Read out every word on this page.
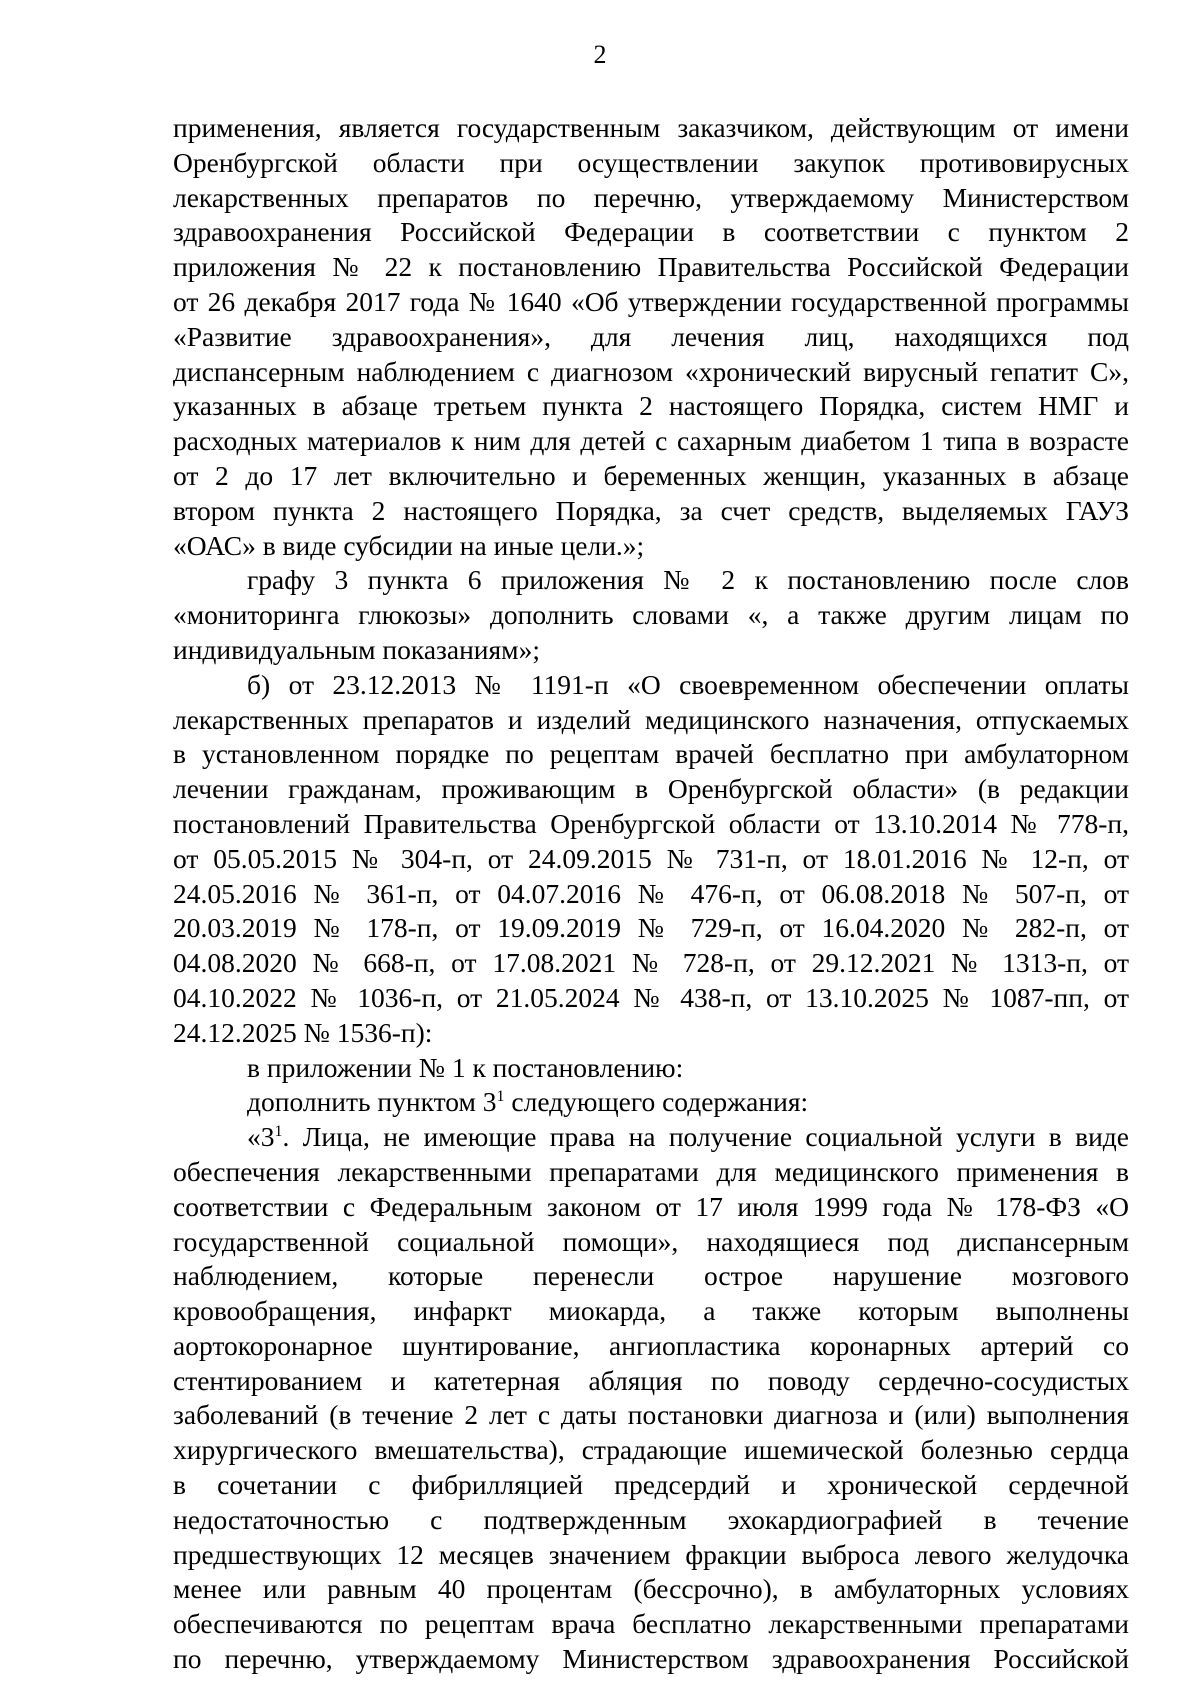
2
применения, является государственным заказчиком, действующим от имени
Оренбургской области при осуществлении закупок противовирусных
лекарственных препаратов по перечню, утверждаемому Министерством
здравоохранения Российской Федерации в соответствии с пунктом 2
приложения № 22 к постановлению Правительства Российской Федерации
от 26 декабря 2017 года № 1640 «Об утверждении государственной программы
«Развитие здравоохранения», для лечения лиц, находящихся под
диспансерным наблюдением с диагнозом «хронический вирусный гепатит С»,
указанных в абзаце третьем пункта 2 настоящего Порядка, систем НМГ и
расходных материалов к ним для детей с сахарным диабетом 1 типа в возрасте
от 2 до 17 лет включительно и беременных женщин, указанных в абзаце
втором пункта 2 настоящего Порядка, за счет средств, выделяемых ГАУЗ
«ОАС» в виде субсидии на иные цели.»;
графу 3 пункта 6 приложения № 2 к постановлению после слов
«мониторинга глюкозы» дополнить словами «, а также другим лицам по
индивидуальным показаниям»;
б) от 23.12.2013 № 1191-п «О своевременном обеспечении оплаты
лекарственных препаратов и изделий медицинского назначения, отпускаемых
в установленном порядке по рецептам врачей бесплатно при амбулаторном
лечении гражданам, проживающим в Оренбургской области» (в редакции
постановлений Правительства Оренбургской области от 13.10.2014 № 778-п,
от 05.05.2015 № 304-п, от 24.09.2015 № 731-п, от 18.01.2016 № 12-п, от
24.05.2016 № 361-п, от 04.07.2016 № 476-п, от 06.08.2018 № 507-п, от
20.03.2019 № 178-п, от 19.09.2019 № 729-п, от 16.04.2020 № 282-п, от
04.08.2020 № 668-п, от 17.08.2021 № 728-п, от 29.12.2021 № 1313-п, от
04.10.2022 № 1036-п, от 21.05.2024 № 438-п, от 13.10.2025 № 1087-пп, от
24.12.2025 № 1536-п):
в приложении № 1 к постановлению:
дополнить пунктом $3^1$ следующего содержания:
«$3^1$. Лица, не имеющие права на получение социальной услуги в виде
обеспечения лекарственными препаратами для медицинского применения в
соответствии с Федеральным законом от 17 июля 1999 года № 178-ФЗ «О
государственной социальной помощи», находящиеся под диспансерным
наблюдением, которые перенесли острое нарушение мозгового
кровообращения, инфаркт миокарда, а также которым выполнены
аортокоронарное шунтирование, ангиопластика коронарных артерий со
стентированием и катетерная абляция по поводу сердечно-сосудистых
заболеваний (в течение 2 лет с даты постановки диагноза и (или) выполнения
хирургического вмешательства), страдающие ишемической болезнью сердца
в сочетании с фибрилляцией предсердий и хронической сердечной
недостаточностью с подтвержденным эхокардиографией в течение
предшествующих 12 месяцев значением фракции выброса левого желудочка
менее или равным 40 процентам (бессрочно), в амбулаторных условиях
обеспечиваются по рецептам врача бесплатно лекарственными препаратами
по перечню, утверждаемому Министерством здравоохранения Российской
